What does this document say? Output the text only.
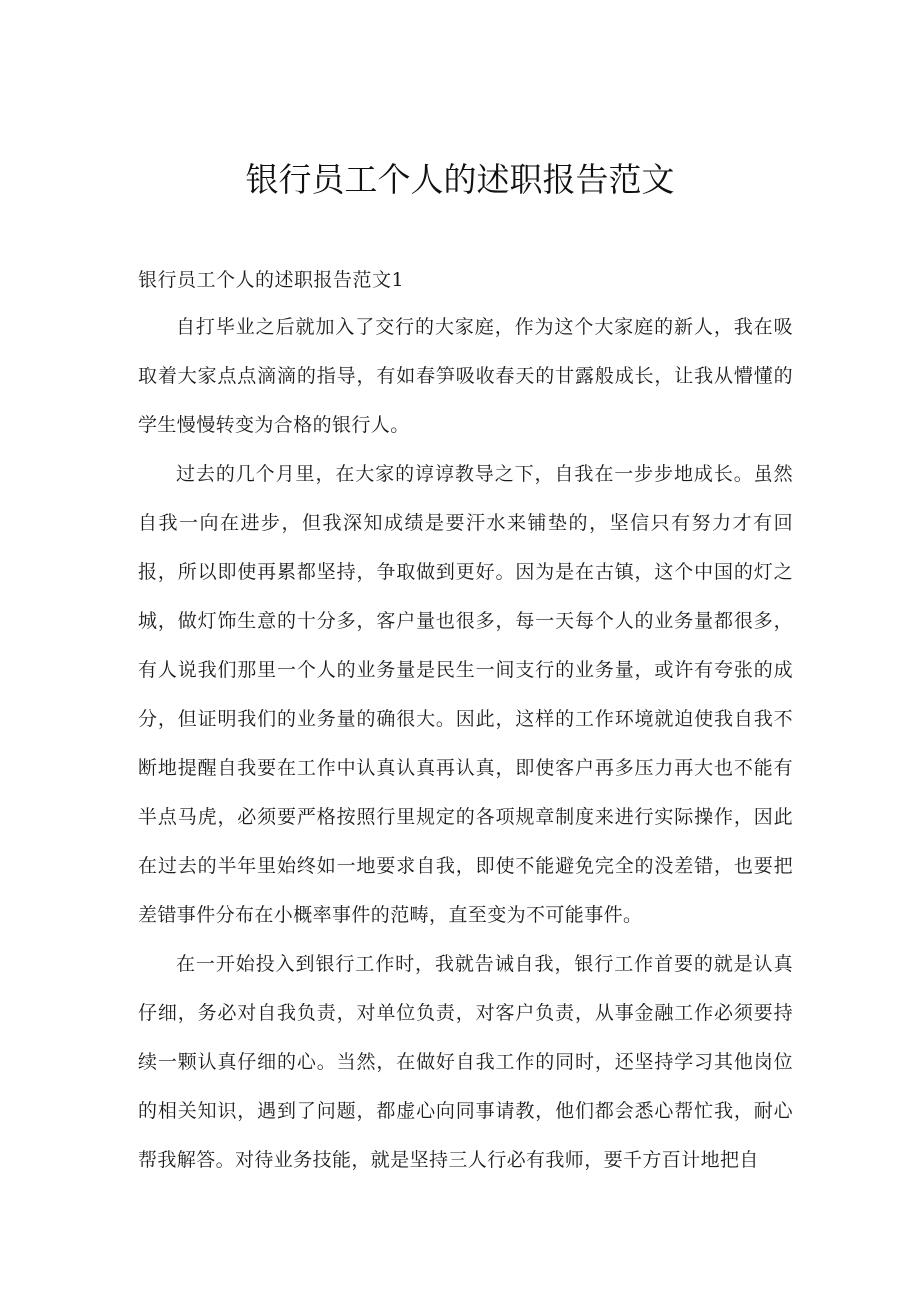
银行员工个人的述职报告范文

银行员工个人的述职报告范文1

自打毕业之后就加入了交行的大家庭，作为这个大家庭的新人，我在吸取着大家点点滴滴的指导，有如春笋吸收春天的甘露般成长，让我从懵懂的学生慢慢转变为合格的银行人。

过去的几个月里，在大家的谆谆教导之下，自我在一步步地成长。虽然自我一向在进步，但我深知成绩是要汗水来铺垫的，坚信只有努力才有回报，所以即使再累都坚持，争取做到更好。因为是在古镇，这个中国的灯之城，做灯饰生意的十分多，客户量也很多，每一天每个人的业务量都很多，有人说我们那里一个人的业务量是民生一间支行的业务量，或许有夸张的成分，但证明我们的业务量的确很大。因此，这样的工作环境就迫使我自我不断地提醒自我要在工作中认真认真再认真，即使客户再多压力再大也不能有半点马虎，必须要严格按照行里规定的各项规章制度来进行实际操作，因此在过去的半年里始终如一地要求自我，即使不能避免完全的没差错，也要把差错事件分布在小概率事件的范畴，直至变为不可能事件。

在一开始投入到银行工作时，我就告诫自我，银行工作首要的就是认真仔细，务必对自我负责，对单位负责，对客户负责，从事金融工作必须要持续一颗认真仔细的心。当然，在做好自我工作的同时，还坚持学习其他岗位的相关知识，遇到了问题，都虚心向同事请教，他们都会悉心帮忙我，耐心帮我解答。对待业务技能，就是坚持三人行必有我师，要千方百计地把自
